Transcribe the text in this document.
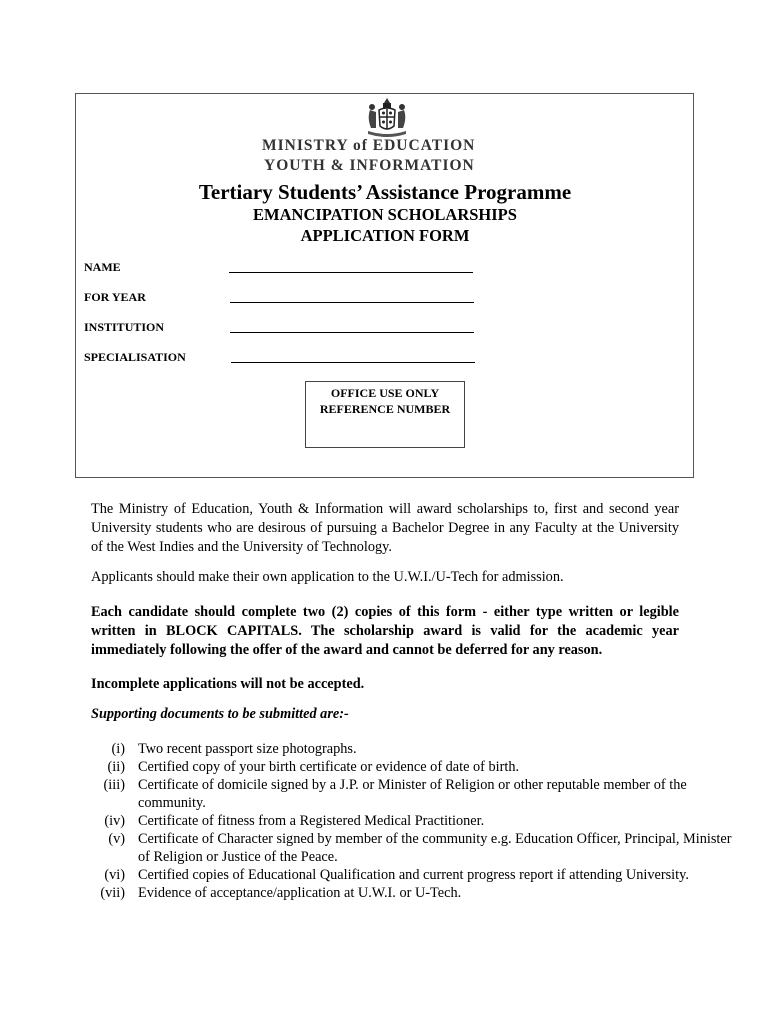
MINISTRY of EDUCATION
YOUTH & INFORMATION
Tertiary Students’ Assistance Programme
EMANCIPATION SCHOLARSHIPS
APPLICATION FORM
NAME
FOR YEAR
INSTITUTION
SPECIALISATION
OFFICE USE ONLY
REFERENCE NUMBER
The Ministry of Education, Youth & Information will award scholarships to, first and second year University students who are desirous of pursuing a Bachelor Degree in any Faculty at the University of the West Indies and the University of Technology.
Applicants should make their own application to the U.W.I./U-Tech for admission.
Each candidate should complete two (2) copies of this form - either type written or legible written in BLOCK CAPITALS. The scholarship award is valid for the academic year immediately following the offer of the award and cannot be deferred for any reason.
Incomplete applications will not be accepted.
Supporting documents to be submitted are:-
(i) Two recent passport size photographs.
(ii) Certified copy of your birth certificate or evidence of date of birth.
(iii) Certificate of domicile signed by a J.P. or Minister of Religion or other reputable member of the community.
(iv) Certificate of fitness from a Registered Medical Practitioner.
(v) Certificate of Character signed by member of the community e.g. Education Officer, Principal, Minister of Religion or Justice of the Peace.
(vi) Certified copies of Educational Qualification and current progress report if attending University.
(vii) Evidence of acceptance/application at U.W.I. or U-Tech.
